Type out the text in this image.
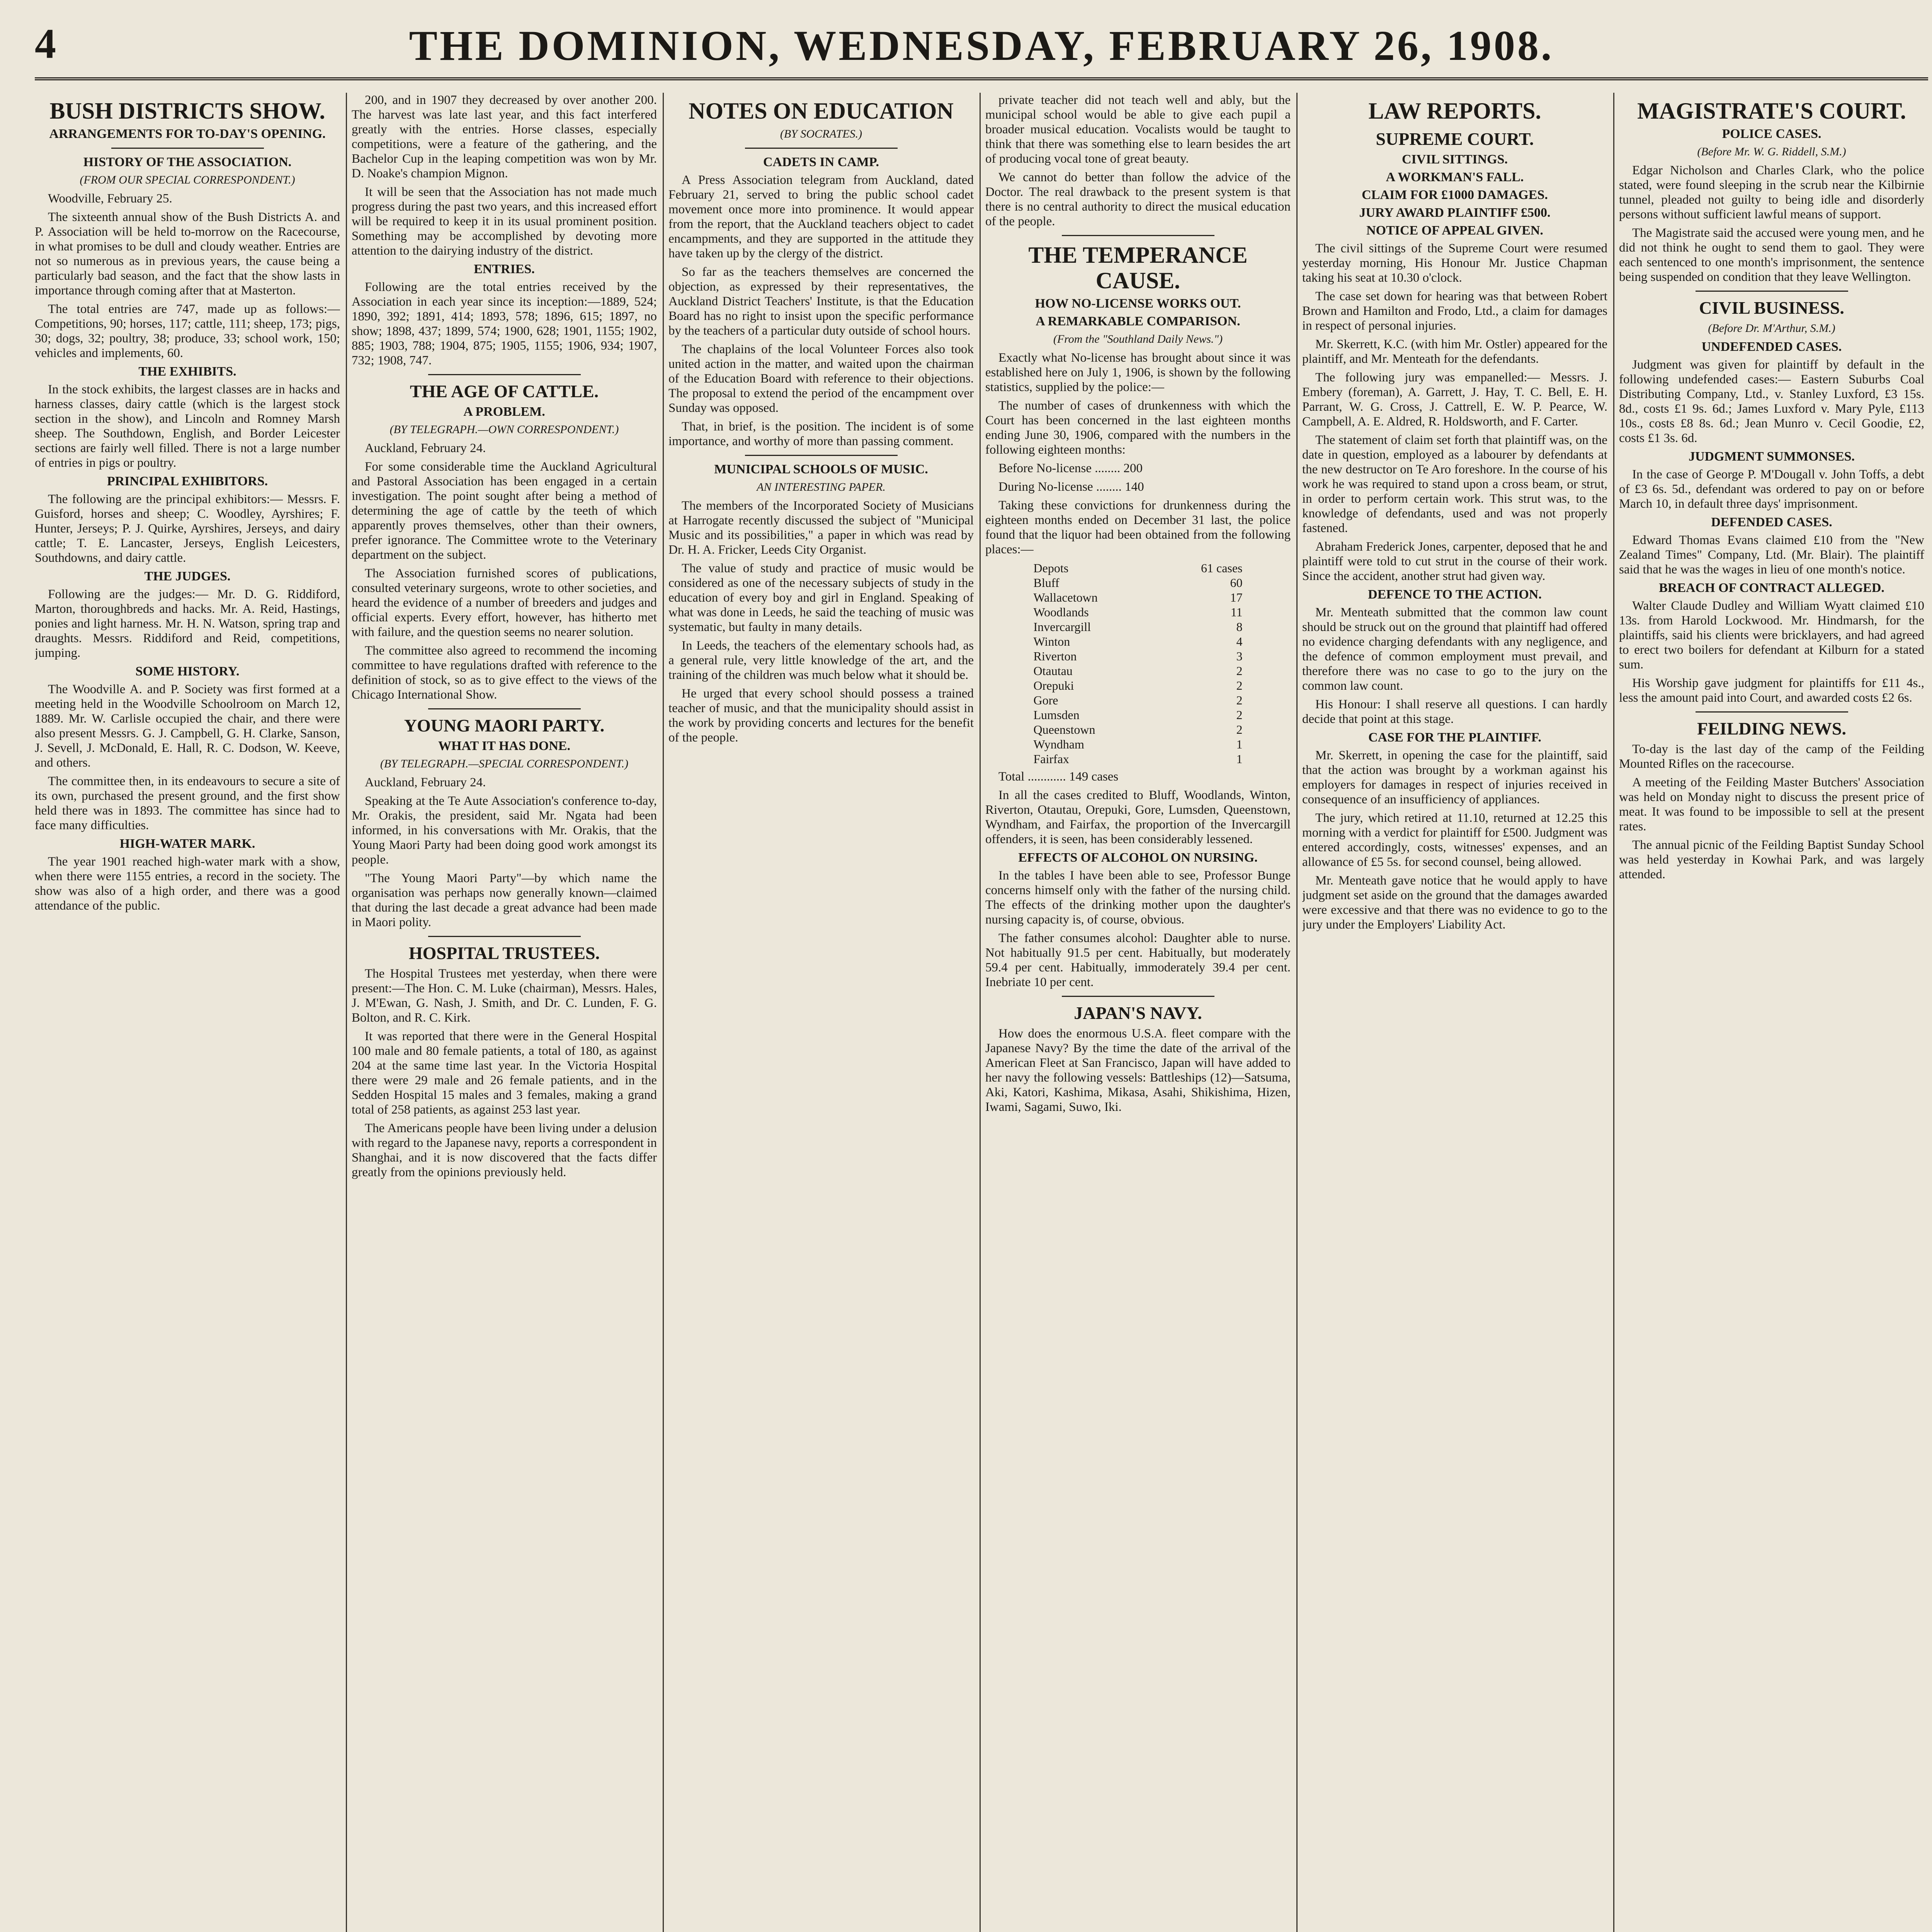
4	THE DOMINION, WEDNESDAY, FEBRUARY 26, 1908.
BUSH DISTRICTS SHOW.
ARRANGEMENTS FOR TO-DAY'S OPENING.
HISTORY OF THE ASSOCIATION.
(FROM OUR SPECIAL CORRESPONDENT.)

Woodville, February 25.

The sixteenth annual show of the Bush Districts A. and P. Association will be held to-morrow on the Racecourse, in what promises to be dull and cloudy weather. Entries are not so numerous as in previous years, the cause being a particularly bad season, and the fact that the show lasts in importance through coming after that at Masterton.

The total entries are 747, made up as follows:—Competitions, 90; horses, 117; cattle, 111; sheep, 173; pigs, 30; dogs, 32; poultry, 38; produce, 33; school work, 150; vehicles and implements, 60.

THE EXHIBITS.

In the stock exhibits, the largest classes are in hacks and harness classes, dairy cattle (which is the largest stock section in the show), and Lincoln and Romney Marsh sheep. The Southdown, English, and Border Leicester sections are fairly well filled. There is not a large number of entries in pigs or poultry.

PRINCIPAL EXHIBITORS.

The following are the principal exhibitors:— Messrs. F. Guisford, horses and sheep; C. Woodley, Ayrshires; F. Hunter, Jerseys; P. J. Quirke, Ayrshires, Jerseys, and dairy cattle; T. E. Lancaster, Jerseys, English Leicesters, Southdowns, and dairy cattle.

THE JUDGES.

Following are the judges:— Mr. D. G. Riddiford, Marton, thoroughbreds and hacks. Mr. A. Reid, Hastings, ponies and light harness. Mr. H. N. Watson, spring trap and draughts. Messrs. Riddiford and Reid, competitions, jumping.

SOME HISTORY.

The Woodville A. and P. Society was first formed at a meeting held in the Woodville Schoolroom on March 12, 1889. Mr. W. Carlisle occupied the chair, and there were also present Messrs. G. J. Campbell, G. H. Clarke, Sanson, J. Sevell, J. McDonald, E. Hall, R. C. Dodson, W. Keeve, and others.

The committee then, in its endeavours to secure a site of its own, purchased the present ground, and the first show held there was in 1893. The committee has since had to face many difficulties.

HIGH-WATER MARK.

The year 1901 reached high-water mark with a show, when there were 1155 entries, a record in the society. The show was also of a high order, and there was a good attendance of the public.

200, and in 1907 they decreased by over another 200. The harvest was late last year, and this fact interfered greatly with the entries. Horse classes, especially competitions, were a feature of the gathering, and the Bachelor Cup in the leaping competition was won by Mr. D. Noake's champion Mignon.

It will be seen that the Association has not made much progress during the past two years, and this increased effort will be required to keep it in its usual prominent position. Something may be accomplished by devoting more attention to the dairying industry of the district.

ENTRIES.

Following are the total entries received by the Association in each year since its inception:—1889, 524; 1890, 392; 1891, 414; 1893, 578; 1896, 615; 1897, no show; 1898, 437; 1899, 574; 1900, 628; 1901, 1155; 1902, 885; 1903, 788; 1904, 875; 1905, 1155; 1906, 934; 1907, 732; 1908, 747.

THE AGE OF CATTLE.
A PROBLEM.
(BY TELEGRAPH.—OWN CORRESPONDENT.)

Auckland, February 24.

For some considerable time the Auckland Agricultural and Pastoral Association has been engaged in a certain investigation. The point sought after being a method of determining the age of cattle by the teeth of which apparently proves themselves, other than their owners, prefer ignorance. The Committee wrote to the Veterinary department on the subject.

The Association furnished scores of publications, consulted veterinary surgeons, wrote to other societies, and heard the evidence of a number of breeders and judges and official experts. Every effort, however, has hitherto met with failure, and the question seems no nearer solution.

The committee also agreed to recommend the incoming committee to have regulations drafted with reference to the definition of stock, so as to give effect to the views of the Chicago International Show.

YOUNG MAORI PARTY.
WHAT IT HAS DONE.
(BY TELEGRAPH.—SPECIAL CORRESPONDENT.)

Auckland, February 24.

Speaking at the Te Aute Association's conference to-day, Mr. Orakis, the president, said Mr. Ngata had been informed, in his conversations with Mr. Orakis, that the Young Maori Party had been doing good work amongst its people.

"The Young Maori Party"—by which name the organisation was perhaps now generally known—claimed that during the last decade a great advance had been made in Maori polity.

HOSPITAL TRUSTEES.

The Hospital Trustees met yesterday, when there were present:—The Hon. C. M. Luke (chairman), Messrs. Hales, J. M'Ewan, G. Nash, J. Smith, and Dr. C. Lunden, F. G. Bolton, and R. C. Kirk.

It was reported that there were in the General Hospital 100 male and 80 female patients, a total of 180, as against 204 at the same time last year. In the Victoria Hospital there were 29 male and 26 female patients, and in the Sedden Hospital 15 males and 3 females, making a grand total of 258 patients, as against 253 last year.

The Americans people have been living under a delusion with regard to the Japanese navy, reports a correspondent in Shanghai, and it is now discovered that the facts differ greatly from the opinions previously held.

NOTES ON EDUCATION
(BY SOCRATES.)
CADETS IN CAMP.

A Press Association telegram from Auckland, dated February 21, served to bring the public school cadet movement once more into prominence. It would appear from the report, that the Auckland teachers object to cadet encampments, and they are supported in the attitude they have taken up by the clergy of the district.

So far as the teachers themselves are concerned the objection, as expressed by their representatives, the Auckland District Teachers' Institute, is that the Education Board has no right to insist upon the specific performance by the teachers of a particular duty outside of school hours.

The chaplains of the local Volunteer Forces also took united action in the matter, and waited upon the chairman of the Education Board with reference to their objections. The proposal to extend the period of the encampment over Sunday was opposed.

That, in brief, is the position. The incident is of some importance, and worthy of more than passing comment.

MUNICIPAL SCHOOLS OF MUSIC.
AN INTERESTING PAPER.

The members of the Incorporated Society of Musicians at Harrogate recently discussed the subject of "Municipal Music and its possibilities," a paper in which was read by Dr. H. A. Fricker, Leeds City Organist.

The value of study and practice of music would be considered as one of the necessary subjects of study in the education of every boy and girl in England. Speaking of what was done in Leeds, he said the teaching of music was systematic, but faulty in many details.

In Leeds, the teachers of the elementary schools had, as a general rule, very little knowledge of the art, and the training of the children was much below what it should be.

He urged that every school should possess a trained teacher of music, and that the municipality should assist in the work by providing concerts and lectures for the benefit of the people.

private teacher did not teach well and ably, but the municipal school would be able to give each pupil a broader musical education. Vocalists would be taught to think that there was something else to learn besides the art of producing vocal tone of great beauty.

We cannot do better than follow the advice of the Doctor. The real drawback to the present system is that there is no central authority to direct the musical education of the people.

THE TEMPERANCE CAUSE.
HOW NO-LICENSE WORKS OUT.
A REMARKABLE COMPARISON.
(From the "Southland Daily News.")

Exactly what No-license has brought about since it was established here on July 1, 1906, is shown by the following statistics, supplied by the police:—

The number of cases of drunkenness with which the Court has been concerned in the last eighteen months ending June 30, 1906, compared with the numbers in the following eighteen months:

Before No-license ........ 200

During No-license ........ 140

Taking these convictions for drunkenness during the eighteen months ended on December 31 last, the police found that the liquor had been obtained from the following places:—

Depots	61 cases
Bluff	60
Wallacetown	17
Woodlands	11
Invercargill	8
Winton	4
Riverton	3
Otautau	2
Orepuki	2
Gore	2
Lumsden	2
Queenstown	2
Wyndham	1
Fairfax	1

Total ............ 149 cases

In all the cases credited to Bluff, Woodlands, Winton, Riverton, Otautau, Orepuki, Gore, Lumsden, Queenstown, Wyndham, and Fairfax, the proportion of the Invercargill offenders, it is seen, has been considerably lessened.

EFFECTS OF ALCOHOL ON NURSING.

In the tables I have been able to see, Professor Bunge concerns himself only with the father of the nursing child. The effects of the drinking mother upon the daughter's nursing capacity is, of course, obvious.

The father consumes alcohol: Daughter able to nurse. Not habitually 91.5 per cent. Habitually, but moderately 59.4 per cent. Habitually, immoderately 39.4 per cent. Inebriate 10 per cent.

JAPAN'S NAVY.

How does the enormous U.S.A. fleet compare with the Japanese Navy? By the time the date of the arrival of the American Fleet at San Francisco, Japan will have added to her navy the following vessels: Battleships (12)—Satsuma, Aki, Katori, Kashima, Mikasa, Asahi, Shikishima, Hizen, Iwami, Sagami, Suwo, Iki.

LAW REPORTS.
SUPREME COURT.
CIVIL SITTINGS.
A WORKMAN'S FALL.
CLAIM FOR £1000 DAMAGES.
JURY AWARD PLAINTIFF £500.
NOTICE OF APPEAL GIVEN.

The civil sittings of the Supreme Court were resumed yesterday morning, His Honour Mr. Justice Chapman taking his seat at 10.30 o'clock.

The case set down for hearing was that between Robert Brown and Hamilton and Frodo, Ltd., a claim for damages in respect of personal injuries.

Mr. Skerrett, K.C. (with him Mr. Ostler) appeared for the plaintiff, and Mr. Menteath for the defendants.

The following jury was empanelled:— Messrs. J. Embery (foreman), A. Garrett, J. Hay, T. C. Bell, E. H. Parrant, W. G. Cross, J. Cattrell, E. W. P. Pearce, W. Campbell, A. E. Aldred, R. Holdsworth, and F. Carter.

The statement of claim set forth that plaintiff was, on the date in question, employed as a labourer by defendants at the new destructor on Te Aro foreshore. In the course of his work he was required to stand upon a cross beam, or strut, in order to perform certain work. This strut was, to the knowledge of defendants, used and was not properly fastened.

Abraham Frederick Jones, carpenter, deposed that he and plaintiff were told to cut strut in the course of their work. Since the accident, another strut had given way.

DEFENCE TO THE ACTION.

Mr. Menteath submitted that the common law count should be struck out on the ground that plaintiff had offered no evidence charging defendants with any negligence, and the defence of common employment must prevail, and therefore there was no case to go to the jury on the common law count.

His Honour: I shall reserve all questions. I can hardly decide that point at this stage.

CASE FOR THE PLAINTIFF.

Mr. Skerrett, in opening the case for the plaintiff, said that the action was brought by a workman against his employers for damages in respect of injuries received in consequence of an insufficiency of appliances.

The jury, which retired at 11.10, returned at 12.25 this morning with a verdict for plaintiff for £500. Judgment was entered accordingly, costs, witnesses' expenses, and an allowance of £5 5s. for second counsel, being allowed.

Mr. Menteath gave notice that he would apply to have judgment set aside on the ground that the damages awarded were excessive and that there was no evidence to go to the jury under the Employers' Liability Act.

MAGISTRATE'S COURT.
POLICE CASES.
(Before Mr. W. G. Riddell, S.M.)

Edgar Nicholson and Charles Clark, who the police stated, were found sleeping in the scrub near the Kilbirnie tunnel, pleaded not guilty to being idle and disorderly persons without sufficient lawful means of support.

The Magistrate said the accused were young men, and he did not think he ought to send them to gaol. They were each sentenced to one month's imprisonment, the sentence being suspended on condition that they leave Wellington.

CIVIL BUSINESS.
(Before Dr. M'Arthur, S.M.)
UNDEFENDED CASES.

Judgment was given for plaintiff by default in the following undefended cases:— Eastern Suburbs Coal Distributing Company, Ltd., v. Stanley Luxford, £3 15s. 8d., costs £1 9s. 6d.; James Luxford v. Mary Pyle, £113 10s., costs £8 8s. 6d.; Jean Munro v. Cecil Goodie, £2, costs £1 3s. 6d.

JUDGMENT SUMMONSES.

In the case of George P. M'Dougall v. John Toffs, a debt of £3 6s. 5d., defendant was ordered to pay on or before March 10, in default three days' imprisonment.

DEFENDED CASES.

Edward Thomas Evans claimed £10 from the "New Zealand Times" Company, Ltd. (Mr. Blair). The plaintiff said that he was the wages in lieu of one month's notice.

BREACH OF CONTRACT ALLEGED.

Walter Claude Dudley and William Wyatt claimed £10 13s. from Harold Lockwood. Mr. Hindmarsh, for the plaintiffs, said his clients were bricklayers, and had agreed to erect two boilers for defendant at Kilburn for a stated sum.

His Worship gave judgment for plaintiffs for £11 4s., less the amount paid into Court, and awarded costs £2 6s.

FEILDING NEWS.

To-day is the last day of the camp of the Feilding Mounted Rifles on the racecourse.

A meeting of the Feilding Master Butchers' Association was held on Monday night to discuss the present price of meat. It was found to be impossible to sell at the present rates.

The annual picnic of the Feilding Baptist Sunday School was held yesterday in Kowhai Park, and was largely attended.
